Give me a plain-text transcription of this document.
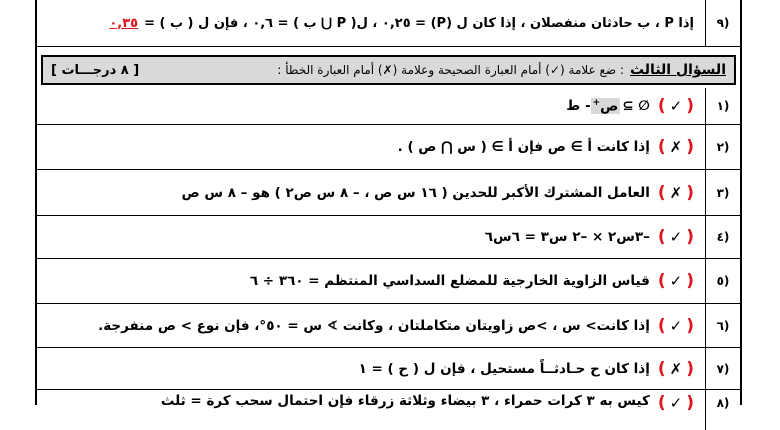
٩)
إذا P ، ب حادثان منفصلان ، إذا كان ل (P) = ٠,٢٥ ، ل( P ⋃ ب ) = ٠,٦ ، فإن ل ( ب ) =
٠,٣٥
السؤال الثالث
: ضع علامة (✓) أمام العبارة الصحيحة وعلامة (✗) أمام العبارة الخطأ :
[ ٨ درجـــات ]
١)
(
✓
)
∅ ⊇
ص+
- ط
٢)
(
✗
)
إذا كانت أ ∋ ص فإن أ ∋ ( س ⋂ ص ) .
٣)
(
✗
)
العامل المشترك الأكبر للحدين ( ١٦ س ص ، – ٨ س ص٢ ) هو – ٨ س ص
٤)
(
✓
)
–٣س٢ × –٢ س٣ = ٦س٦
٥)
(
✓
)
قياس الزاوية الخارجية للمضلع السداسي المنتظم = ٣٦٠ ÷ ٦
٦)
(
✓
)
إذا كانت> س ، >ص زاويتان متكاملتان ، وكانت ∢ س = ٥٠°، فإن نوع > ص منفرجة.
٧)
(
✗
)
إذا كان ح حـادثــاً مستحيل ، فإن ل ( ح ) = ١
٨)
(
✓
)
كيس به ٣ كرات حمراء ، ٣ بيضاء وثلاثة زرقاء فإن احتمال سحب كرة = ثلث
